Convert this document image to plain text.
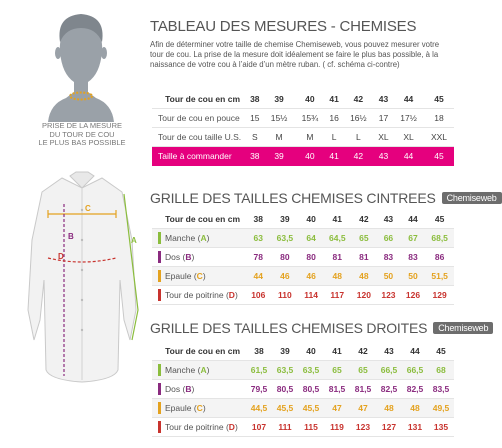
PRISE DE LA MESURE
DU TOUR DE COU
LE PLUS BAS POSSIBLE
C
B	A
D
TABLEAU DES MESURES - CHEMISES
Afin de déterminer votre taille de chemise Chemiseweb, vous pouvez mesurer votre tour de cou. La prise de la mesure doit idéalement se faire le plus bas possible, à la naissance de votre cou à l’aide d’un mètre ruban. ( cf. schéma ci-contre)
Tour de cou en cm	38	39	40	41	42	43	44	45
Tour de cou en pouce	15	15½	15¾	16	16½	17	17½	18
Tour de cou taille U.S.	S	M	M	L	L	XL	XL	XXL
Taille à commander	38	39	40	41	42	43	44	45
GRILLE DES TAILLES CHEMISES CINTREES Chemiseweb
Tour de cou en cm	38	39	40	41	42	43	44	45
Manche (A)	63	63,5	64	64,5	65	66	67	68,5
Dos (B)	78	80	80	81	81	83	83	86
Epaule (C)	44	46	46	48	48	50	50	51,5
Tour de poitrine (D)	106	110	114	117	120	123	126	129
GRILLE DES TAILLES CHEMISES DROITES Chemiseweb
Tour de cou en cm	38	39	40	41	42	43	44	45
Manche (A)	61,5	63,5	63,5	65	65	66,5	66,5	68
Dos (B)	79,5	80,5	80,5	81,5	81,5	82,5	82,5	83,5
Epaule (C)	44,5	45,5	45,5	47	47	48	48	49,5
Tour de poitrine (D)	107	111	115	119	123	127	131	135
